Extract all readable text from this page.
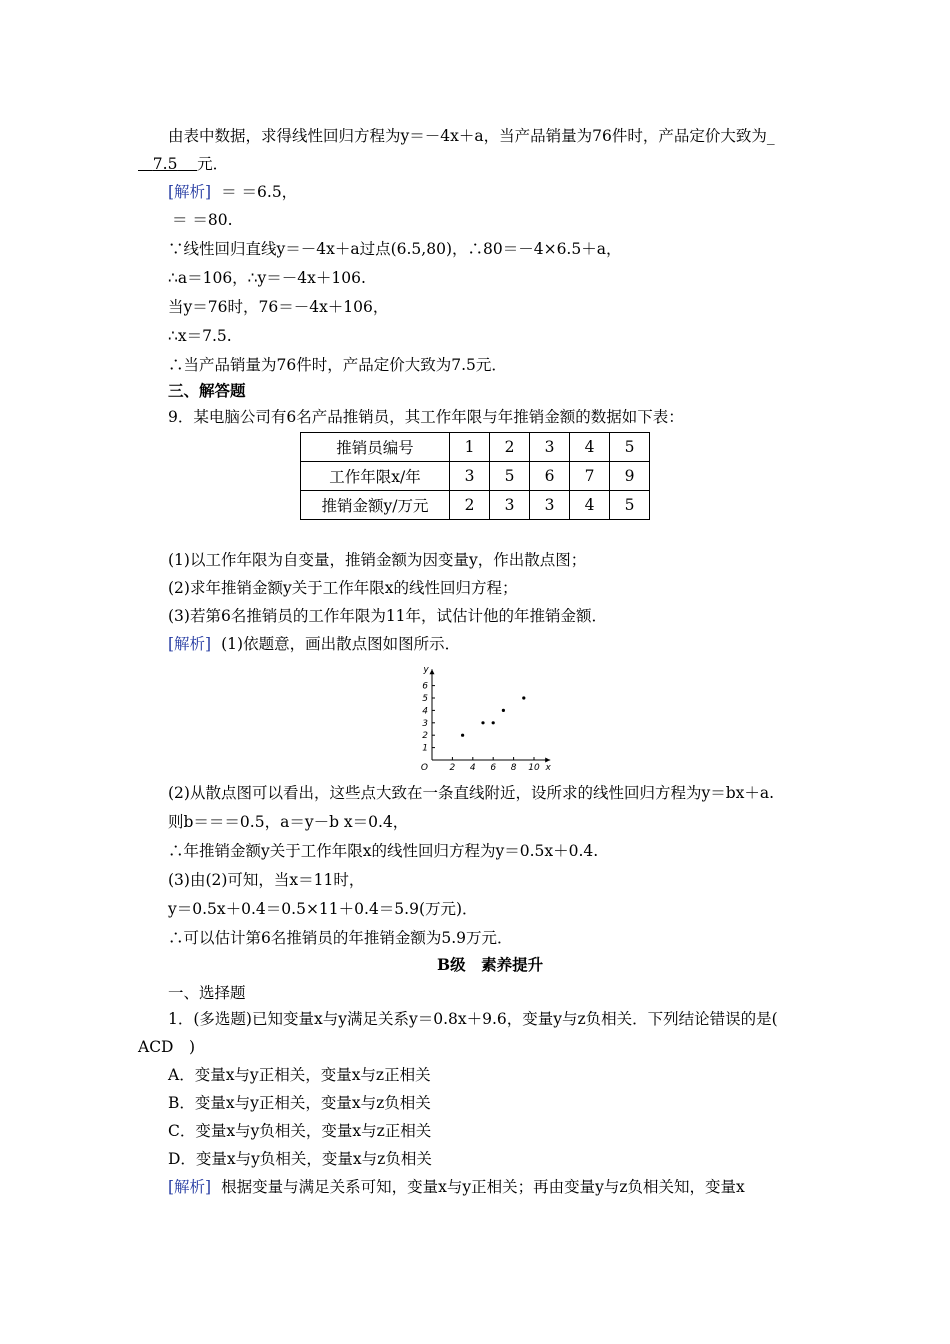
由表中数据，求得线性回归方程为y＝－4x＋a，当产品销量为76件时，产品定价大致为_
7.5 元．
[解析] ＝ ＝6.5，
＝ ＝80.
∵线性回归直线y＝－4x＋a过点(6.5,80)，∴80＝－4×6.5＋a，
∴a＝106，∴y＝－4x＋106.
当y＝76时，76＝－4x＋106，
∴x＝7.5.
∴当产品销量为76件时，产品定价大致为7.5元．
三、解答题
9．某电脑公司有6名产品推销员，其工作年限与年推销金额的数据如下表：
推销员编号	1	2	3	4	5
工作年限x/年	3	5	6	7	9
推销金额y/万元	2	3	3	4	5
(1)以工作年限为自变量，推销金额为因变量y，作出散点图；
(2)求年推销金额y关于工作年限x的线性回归方程；
(3)若第6名推销员的工作年限为11年，试估计他的年推销金额．
[解析] (1)依题意，画出散点图如图所示．
2 4 6 8 10
1
2
3
4
5
6
O	x
y
(2)从散点图可以看出，这些点大致在一条直线附近，设所求的线性回归方程为y＝bx＋a.
则b＝＝＝0.5，a＝y－b x＝0.4，
∴年推销金额y关于工作年限x的线性回归方程为y＝0.5x＋0.4.
(3)由(2)可知，当x＝11时，
y＝0.5x＋0.4＝0.5×11＋0.4＝5.9(万元)．
∴可以估计第6名推销员的年推销金额为5.9万元．
B级　素养提升
一、选择题
1．(多选题)已知变量x与y满足关系y＝0.8x＋9.6，变量y与z负相关．下列结论错误的是(
ACD　)
A．变量x与y正相关，变量x与z正相关
B．变量x与y正相关，变量x与z负相关
C．变量x与y负相关，变量x与z正相关
D．变量x与y负相关，变量x与z负相关
[解析] 根据变量与满足关系可知，变量x与y正相关；再由变量y与z负相关知，变量x
